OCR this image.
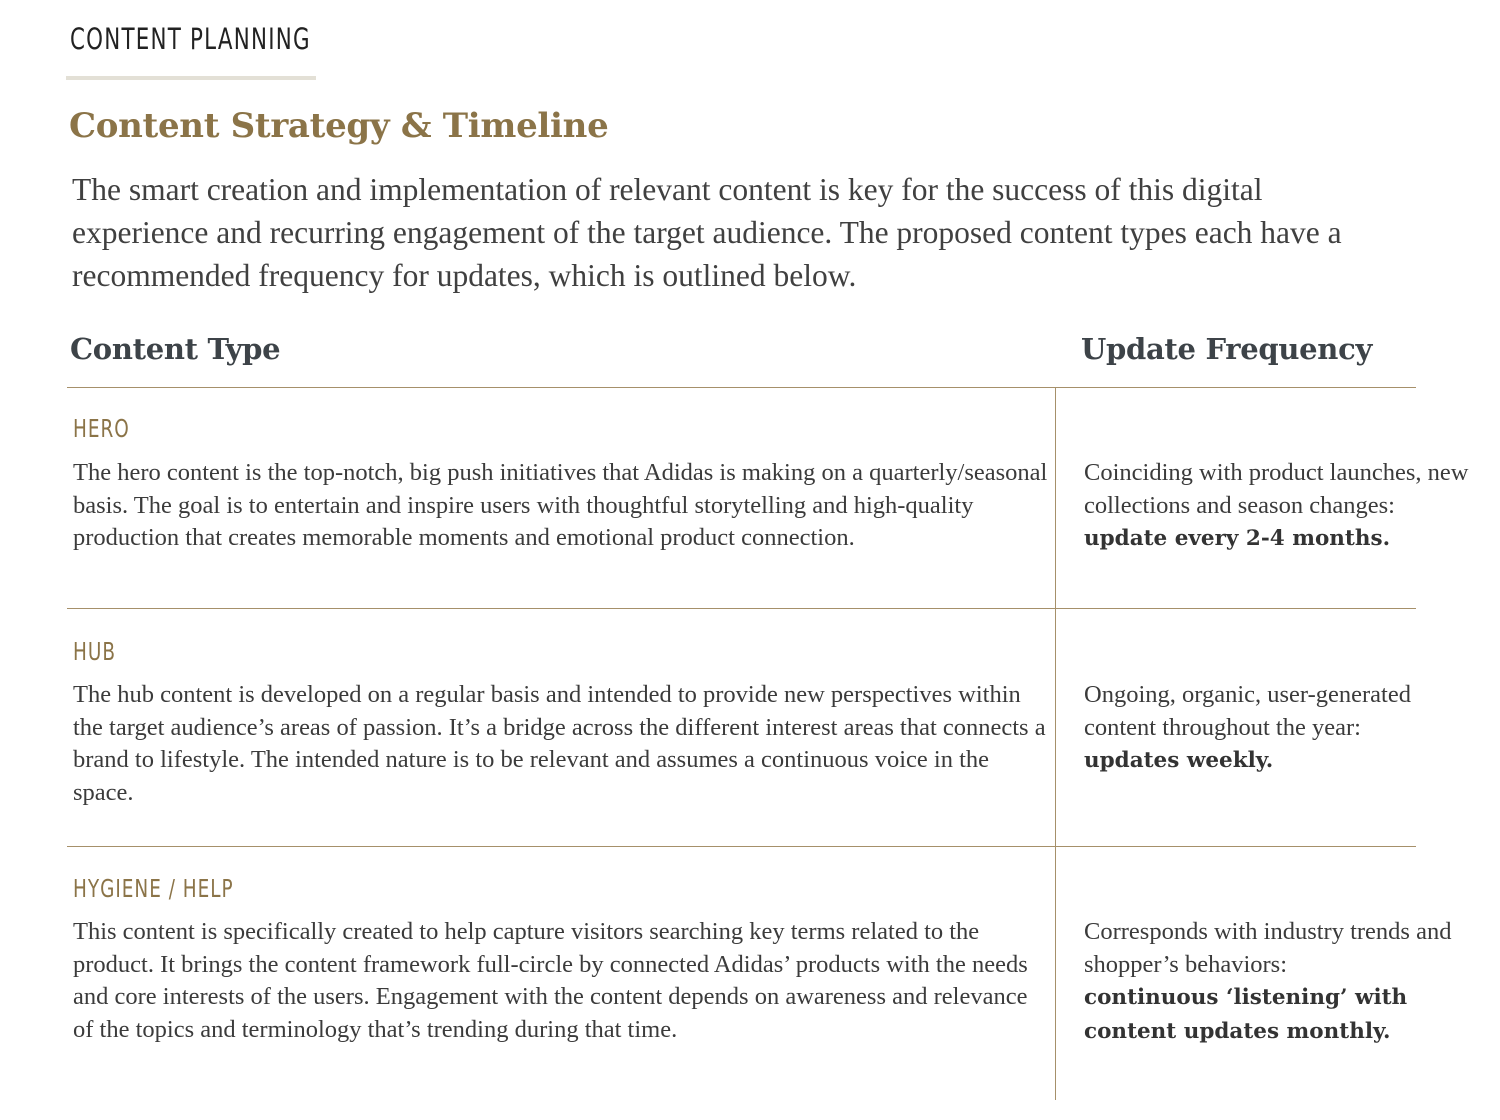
CONTENT PLANNING
Content Strategy & Timeline

The smart creation and implementation of relevant content is key for the success of this digital experience and recurring engagement of the target audience. The proposed content types each have a recommended frequency for updates, which is outlined below.

Content Type	Update Frequency
HERO

The hero content is the top-notch, big push initiatives that Adidas is making on a quarterly/seasonal basis. The goal is to entertain and inspire users with thoughtful storytelling and high-quality production that creates memorable moments and emotional product connection.

Coinciding with product launches, new collections and season changes:
update every 2-4 months.

HUB

The hub content is developed on a regular basis and intended to provide new perspectives within the target audience’s areas of passion. It’s a bridge across the different interest areas that connects a brand to lifestyle. The intended nature is to be relevant and assumes a continuous voice in the space.

Ongoing, organic, user-generated content throughout the year:
updates weekly.

HYGIENE / HELP

This content is specifically created to help capture visitors searching key terms related to the product. It brings the content framework full-circle by connected Adidas’ products with the needs and core interests of the users. Engagement with the content depends on awareness and relevance of the topics and terminology that’s trending during that time.

Corresponds with industry trends and shopper’s behaviors:
continuous ‘listening’ with content updates monthly.
